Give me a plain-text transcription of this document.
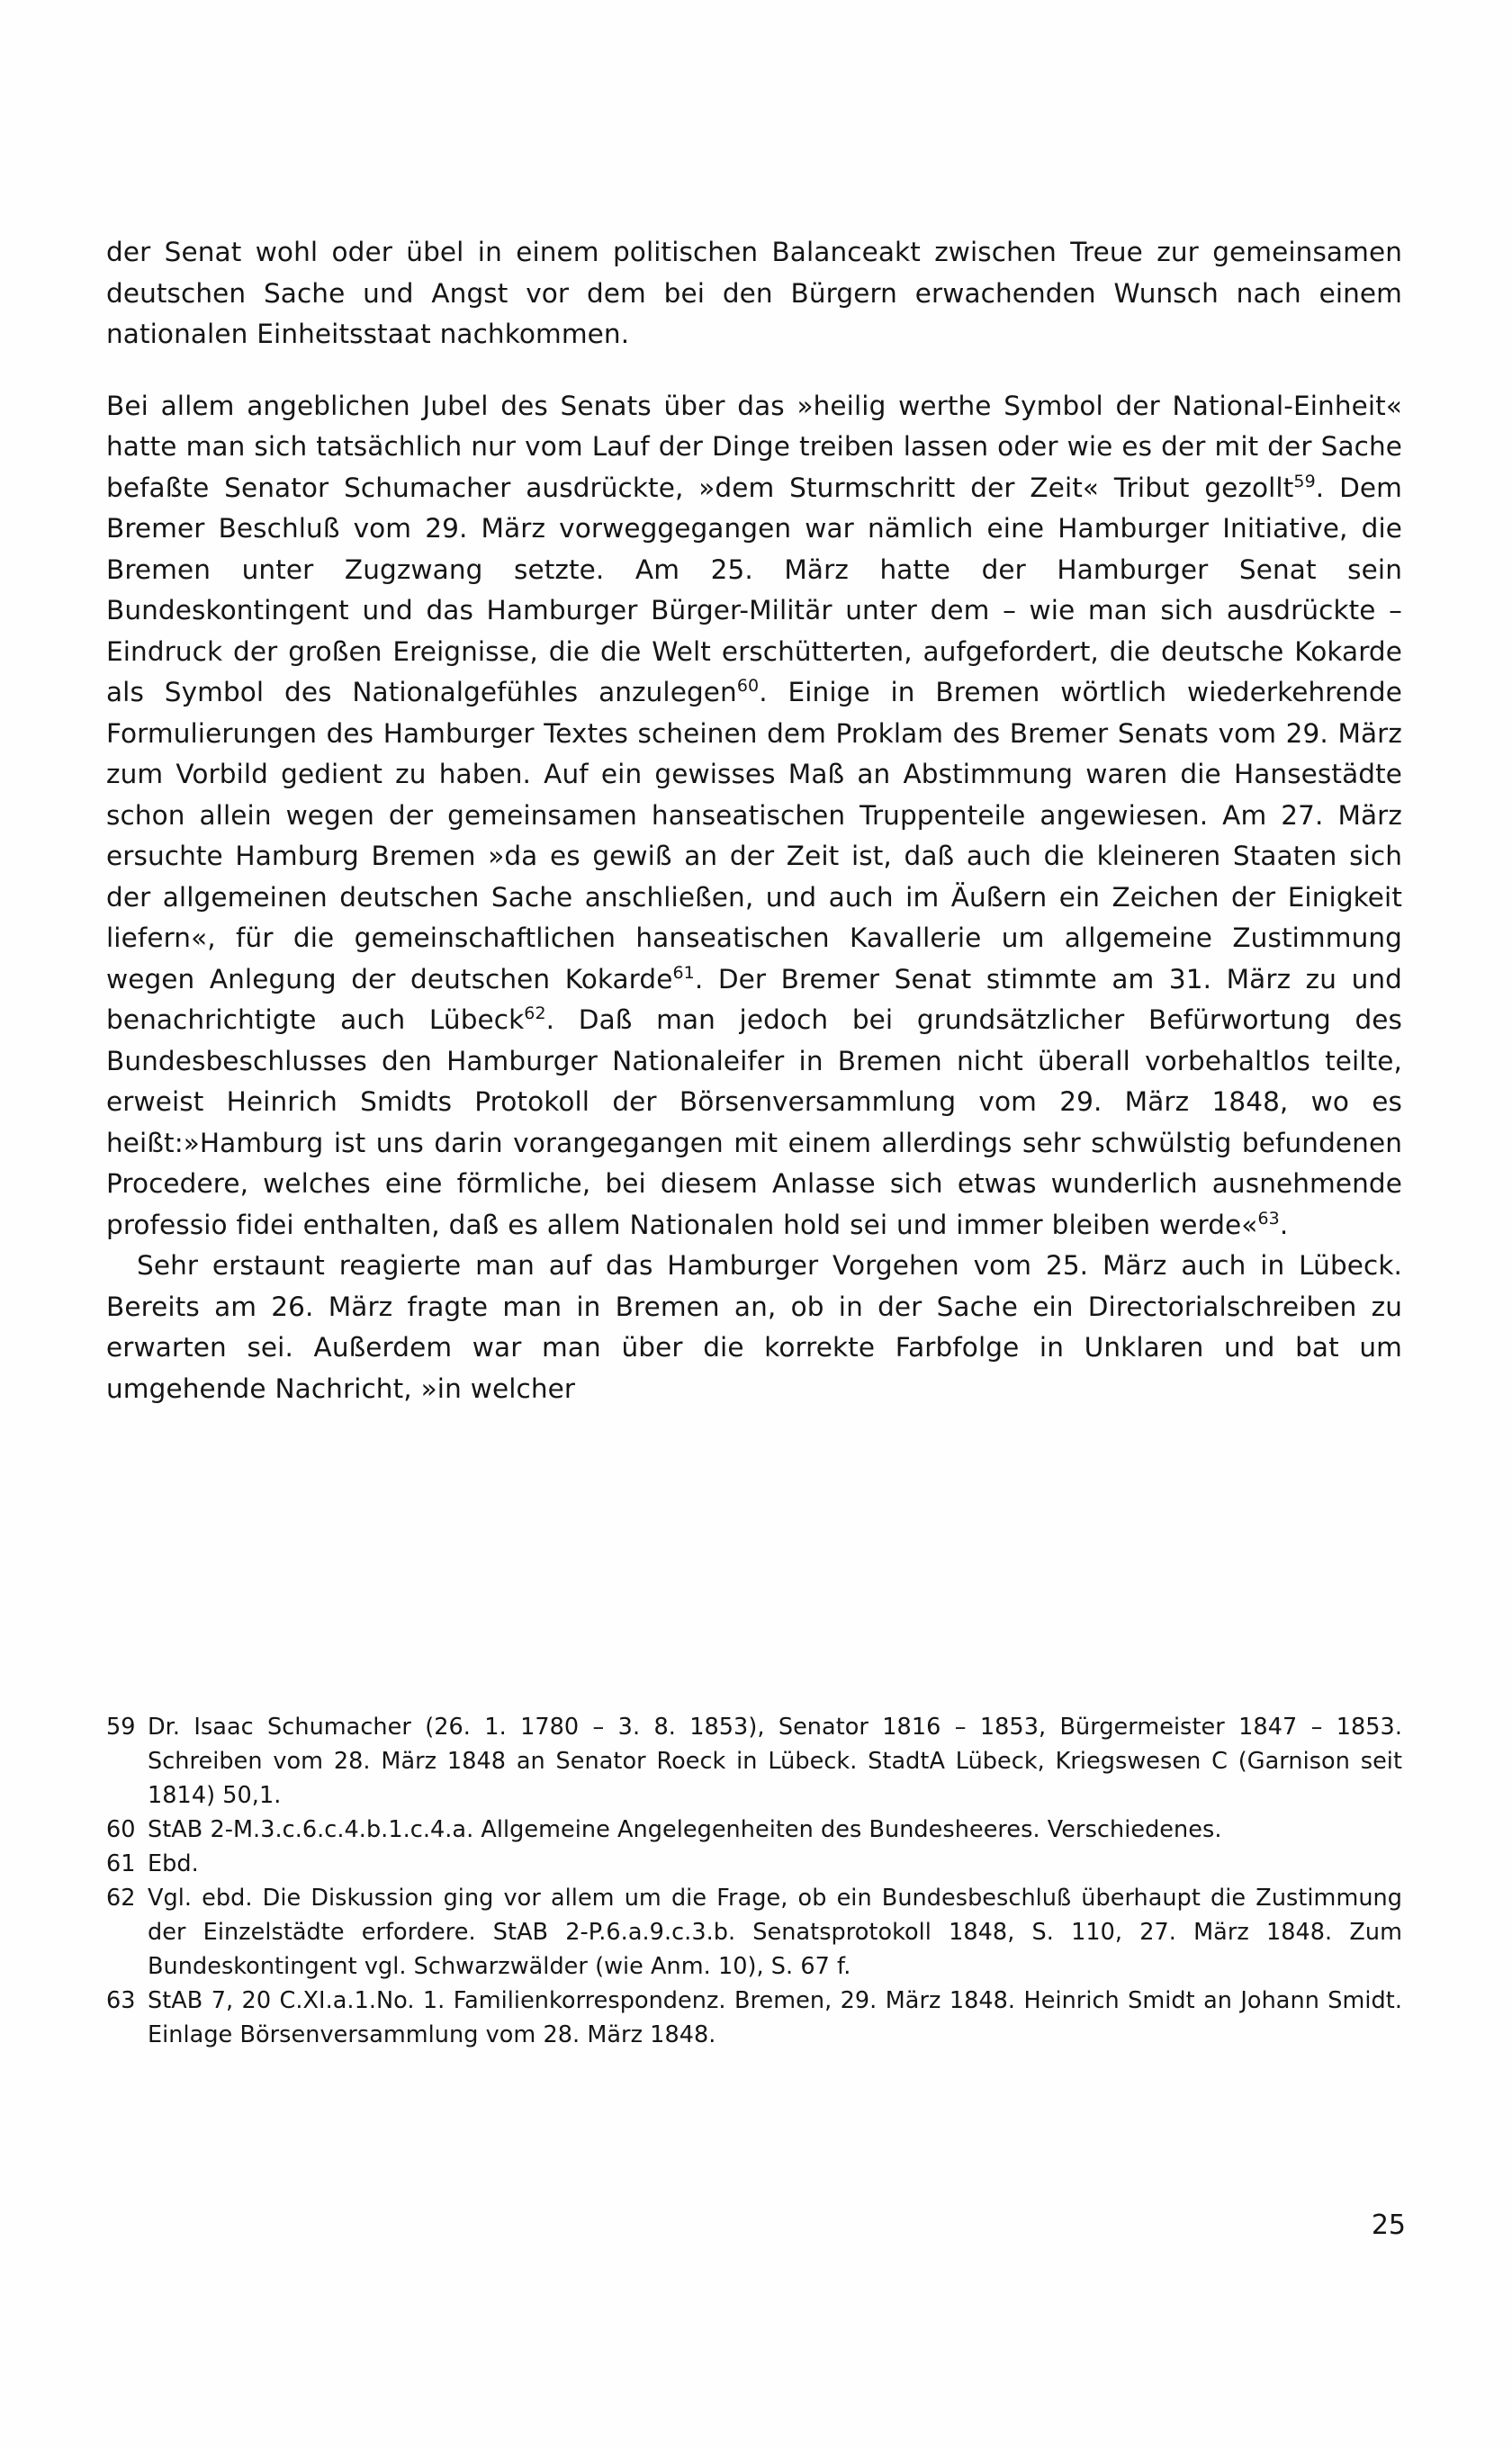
der Senat wohl oder übel in einem politischen Balanceakt zwischen Treue zur gemeinsamen deutschen Sache und Angst vor dem bei den Bürgern erwachenden Wunsch nach einem nationalen Einheitsstaat nachkommen.

Bei allem angeblichen Jubel des Senats über das »heilig werthe Symbol der National-Einheit« hatte man sich tatsächlich nur vom Lauf der Dinge treiben lassen oder wie es der mit der Sache befaßte Senator Schumacher ausdrückte, »dem Sturmschritt der Zeit« Tribut gezollt$^{59}$. Dem Bremer Beschluß vom 29. März vorweggegangen war nämlich eine Hamburger Initiative, die Bremen unter Zugzwang setzte. Am 25. März hatte der Hamburger Senat sein Bundeskontingent und das Hamburger Bürger-Militär unter dem – wie man sich ausdrückte – Eindruck der großen Ereignisse, die die Welt erschütterten, aufgefordert, die deutsche Kokarde als Symbol des Nationalgefühles anzulegen$^{60}$. Einige in Bremen wörtlich wiederkehrende Formulierungen des Hamburger Textes scheinen dem Proklam des Bremer Senats vom 29. März zum Vorbild gedient zu haben. Auf ein gewisses Maß an Abstimmung waren die Hansestädte schon allein wegen der gemeinsamen hanseatischen Truppenteile angewiesen. Am 27. März ersuchte Hamburg Bremen »da es gewiß an der Zeit ist, daß auch die kleineren Staaten sich der allgemeinen deutschen Sache anschließen, und auch im Äußern ein Zeichen der Einigkeit liefern«, für die gemeinschaftlichen hanseatischen Kavallerie um allgemeine Zustimmung wegen Anlegung der deutschen Kokarde$^{61}$. Der Bremer Senat stimmte am 31. März zu und benachrichtigte auch Lübeck$^{62}$. Daß man jedoch bei grundsätzlicher Befürwortung des Bundesbeschlusses den Hamburger Nationaleifer in Bremen nicht überall vorbehaltlos teilte, erweist Heinrich Smidts Protokoll der Börsenversammlung vom 29. März 1848, wo es heißt:»Hamburg ist uns darin vorangegangen mit einem allerdings sehr schwülstig befundenen Procedere, welches eine förmliche, bei diesem Anlasse sich etwas wunderlich ausnehmende professio fidei enthalten, daß es allem Nationalen hold sei und immer bleiben werde«$^{63}$.

Sehr erstaunt reagierte man auf das Hamburger Vorgehen vom 25. März auch in Lübeck. Bereits am 26. März fragte man in Bremen an, ob in der Sache ein Directorialschreiben zu erwarten sei. Außerdem war man über die korrekte Farbfolge in Unklaren und bat um umgehende Nachricht, »in welcher

59 Dr. Isaac Schumacher (26. 1. 1780 – 3. 8. 1853), Senator 1816 – 1853, Bürgermeister 1847 – 1853. Schreiben vom 28. März 1848 an Senator Roeck in Lübeck. StadtA Lübeck, Kriegswesen C (Garnison seit 1814) 50,1.
60 StAB 2-M.3.c.6.c.4.b.1.c.4.a. Allgemeine Angelegenheiten des Bundesheeres. Verschiedenes.
61 Ebd.
62 Vgl. ebd. Die Diskussion ging vor allem um die Frage, ob ein Bundesbeschluß überhaupt die Zustimmung der Einzelstädte erfordere. StAB 2-P.6.a.9.c.3.b. Senatsprotokoll 1848, S. 110, 27. März 1848. Zum Bundeskontingent vgl. Schwarzwälder (wie Anm. 10), S. 67 f.
63 StAB 7, 20 C.XI.a.1.No. 1. Familienkorrespondenz. Bremen, 29. März 1848. Heinrich Smidt an Johann Smidt. Einlage Börsenversammlung vom 28. März 1848.
25
